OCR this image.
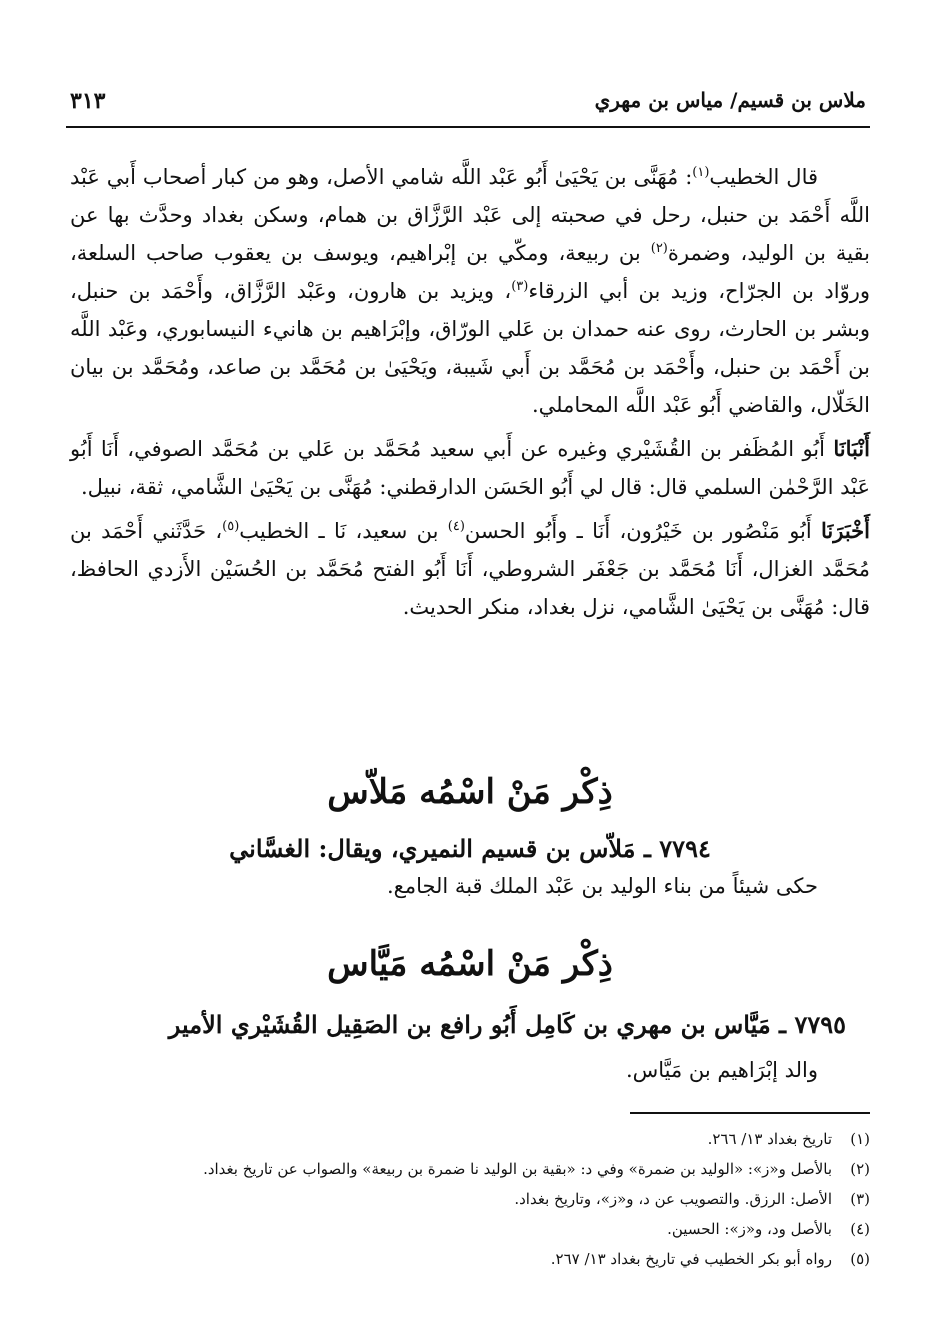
ملاس بن قسيم/ مياس بن مهري
٣١٣

قال الخطيب$^{(١)}$: مُهَنَّى بن يَحْيَىٰ أَبُو عَبْد اللَّه شامي الأصل، وهو من كبار أصحاب أَبي عَبْد اللَّه أَحْمَد بن حنبل، رحل في صحبته إلى عَبْد الرَّزَّاق بن همام، وسكن بغداد وحدَّث بها عن بقية بن الوليد، وضمرة$^{(٢)}$ بن ربيعة، ومكّي بن إبْراهيم، ويوسف بن يعقوب صاحب السلعة، وروّاد بن الجرّاح، وزيد بن أبي الزرقاء$^{(٣)}$، ويزيد بن هارون، وعَبْد الرَّزَّاق، وأَحْمَد بن حنبل، وبشر بن الحارث، روى عنه حمدان بن عَلي الورّاق، وإبْرَاهيم بن هانيء النيسابوري، وعَبْد اللَّه بن أَحْمَد بن حنبل، وأَحْمَد بن مُحَمَّد بن أَبي شَيبة، ويَحْيَىٰ بن مُحَمَّد بن صاعد، ومُحَمَّد بن بيان الخَلّال، والقاضي أَبُو عَبْد اللَّه المحاملي.

أَنْبَانَا أَبُو المُظَفر بن القُشَيْري وغيره عن أَبي سعيد مُحَمَّد بن عَلي بن مُحَمَّد الصوفي، أَنَا أَبُو عَبْد الرَّحْمٰن السلمي قال: قال لي أَبُو الحَسَن الدارقطني: مُهَنَّى بن يَحْيَىٰ الشَّامي، ثقة، نبيل.

أَخْبَرَنَا أَبُو مَنْصُور بن خَيْرُون، أَنَا ـ وأَبُو الحسن$^{(٤)}$ بن سعيد، نَا ـ الخطيب$^{(٥)}$، حَدَّثَني أَحْمَد بن مُحَمَّد الغزال، أَنَا مُحَمَّد بن جَعْفَر الشروطي، أَنَا أَبُو الفتح مُحَمَّد بن الحُسَيْن الأَزدي الحافظ، قال: مُهَنَّى بن يَحْيَىٰ الشَّامي، نزل بغداد، منكر الحديث.

ذِكْر مَنْ اسْمُه مَلاّس
٧٧٩٤ ـ مَلاّس بن قسيم النميري، ويقال: الغسَّاني
حكى شيئاً من بناء الوليد بن عَبْد الملك قبة الجامع.
ذِكْر مَنْ اسْمُه مَيَّاس
٧٧٩٥ ـ مَيَّاس بن مهري بن كَامِل أَبُو رافع بن الصَقِيل القُشَيْري الأمير
والد إبْرَاهيم بن مَيَّاس.
(١)
تاريخ بغداد ١٣/ ٢٦٦.
(٢)
بالأصل و«ز»: «الوليد بن ضمرة» وفي د: «بقية بن الوليد نا ضمرة بن ربيعة» والصواب عن تاريخ بغداد.
(٣)
الأصل: الرزق. والتصويب عن د، و«ز»، وتاريخ بغداد.
(٤)
بالأصل ود، و«ز»: الحسين.
(٥)
رواه أبو بكر الخطيب في تاريخ بغداد ١٣/ ٢٦٧.
